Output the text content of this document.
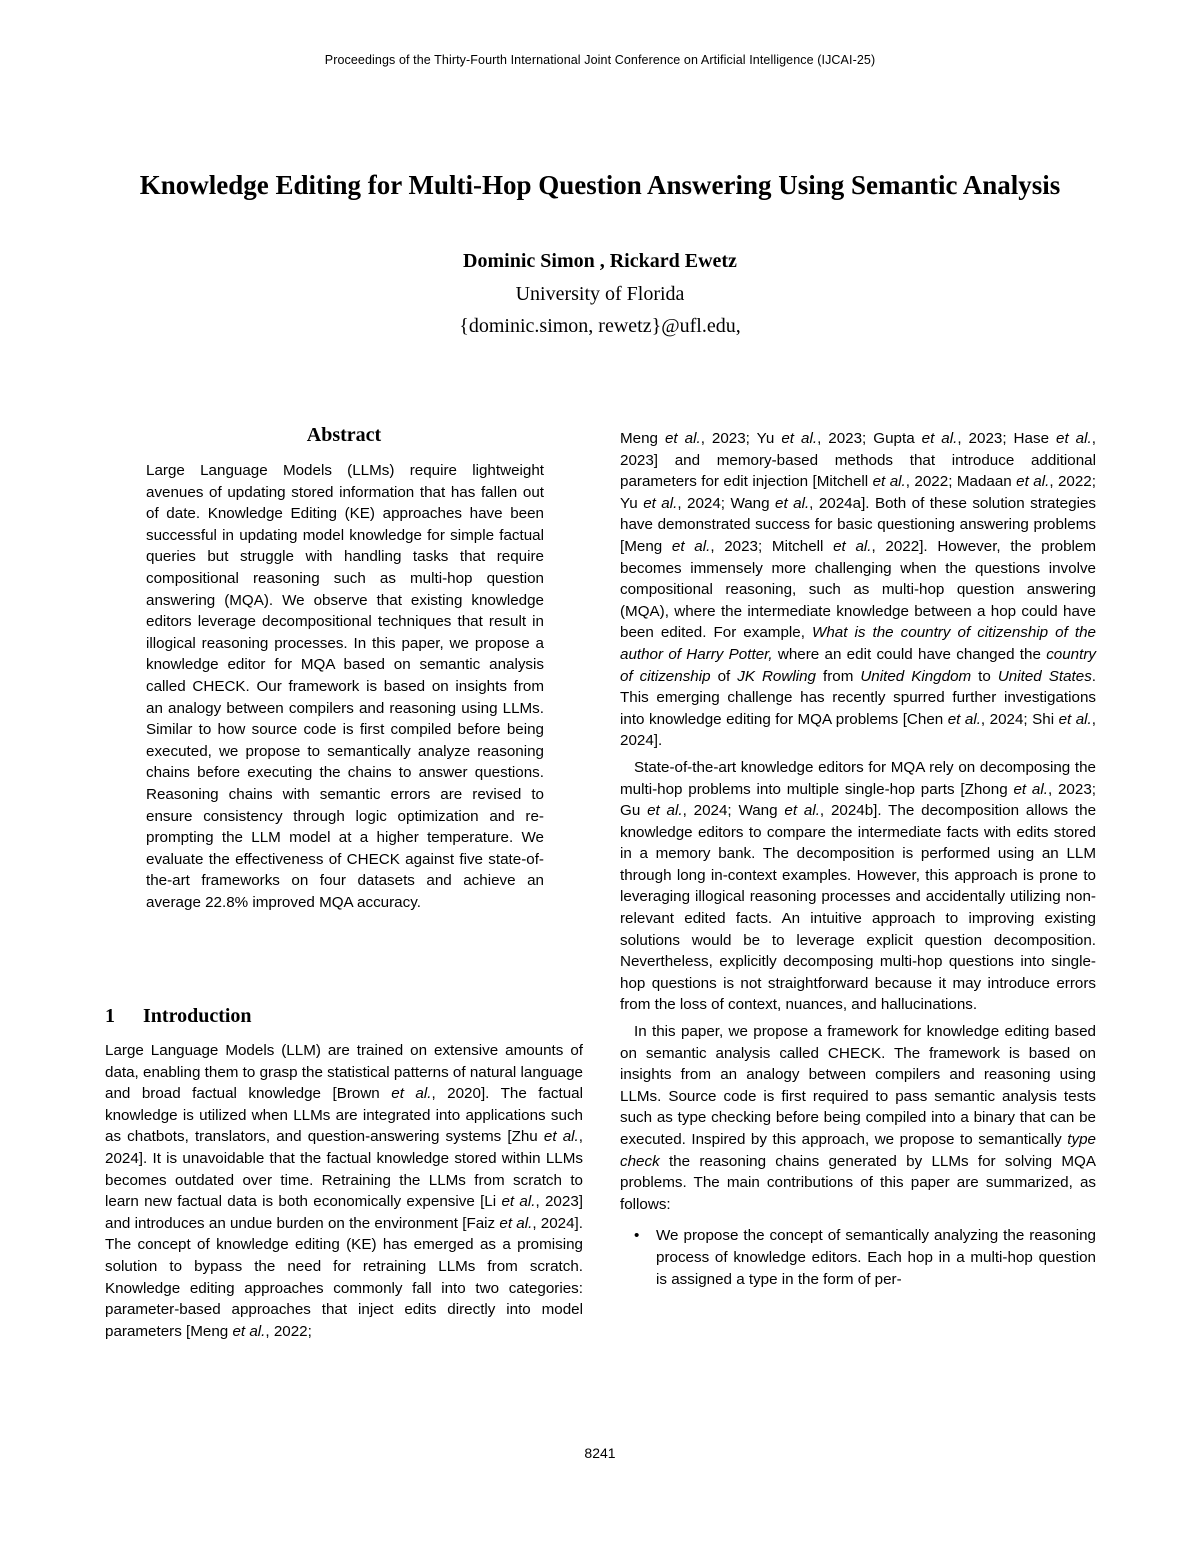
Proceedings of the Thirty-Fourth International Joint Conference on Artificial Intelligence (IJCAI-25)
Knowledge Editing for Multi-Hop Question Answering Using Semantic Analysis
Dominic Simon , Rickard Ewetz
University of Florida
{dominic.simon, rewetz}@ufl.edu,
Abstract

Large Language Models (LLMs) require lightweight avenues of updating stored information that has fallen out of date. Knowledge Editing (KE) approaches have been successful in updating model knowledge for simple factual queries but struggle with handling tasks that require compositional reasoning such as multi-hop question answering (MQA). We observe that existing knowledge editors leverage decompositional techniques that result in illogical reasoning processes. In this paper, we propose a knowledge editor for MQA based on semantic analysis called CHECK. Our framework is based on insights from an analogy between compilers and reasoning using LLMs. Similar to how source code is first compiled before being executed, we propose to semantically analyze reasoning chains before executing the chains to answer questions. Reasoning chains with semantic errors are revised to ensure consistency through logic optimization and re-prompting the LLM model at a higher temperature. We evaluate the effectiveness of CHECK against five state-of-the-art frameworks on four datasets and achieve an average 22.8% improved MQA accuracy.

1 Introduction

Large Language Models (LLM) are trained on extensive amounts of data, enabling them to grasp the statistical patterns of natural language and broad factual knowledge [Brown et al., 2020]. The factual knowledge is utilized when LLMs are integrated into applications such as chatbots, translators, and question-answering systems [Zhu et al., 2024]. It is unavoidable that the factual knowledge stored within LLMs becomes outdated over time. Retraining the LLMs from scratch to learn new factual data is both economically expensive [Li et al., 2023] and introduces an undue burden on the environment [Faiz et al., 2024]. The concept of knowledge editing (KE) has emerged as a promising solution to bypass the need for retraining LLMs from scratch. Knowledge editing approaches commonly fall into two categories: parameter-based approaches that inject edits directly into model parameters [Meng et al., 2022;

Meng et al., 2023; Yu et al., 2023; Gupta et al., 2023; Hase et al., 2023] and memory-based methods that introduce additional parameters for edit injection [Mitchell et al., 2022; Madaan et al., 2022; Yu et al., 2024; Wang et al., 2024a]. Both of these solution strategies have demonstrated success for basic questioning answering problems [Meng et al., 2023; Mitchell et al., 2022]. However, the problem becomes immensely more challenging when the questions involve compositional reasoning, such as multi-hop question answering (MQA), where the intermediate knowledge between a hop could have been edited. For example, What is the country of citizenship of the author of Harry Potter, where an edit could have changed the country of citizenship of JK Rowling from United Kingdom to United States. This emerging challenge has recently spurred further investigations into knowledge editing for MQA problems [Chen et al., 2024; Shi et al., 2024].

State-of-the-art knowledge editors for MQA rely on decomposing the multi-hop problems into multiple single-hop parts [Zhong et al., 2023; Gu et al., 2024; Wang et al., 2024b]. The decomposition allows the knowledge editors to compare the intermediate facts with edits stored in a memory bank. The decomposition is performed using an LLM through long in-context examples. However, this approach is prone to leveraging illogical reasoning processes and accidentally utilizing non-relevant edited facts. An intuitive approach to improving existing solutions would be to leverage explicit question decomposition. Nevertheless, explicitly decomposing multi-hop questions into single-hop questions is not straightforward because it may introduce errors from the loss of context, nuances, and hallucinations.

In this paper, we propose a framework for knowledge editing based on semantic analysis called CHECK. The framework is based on insights from an analogy between compilers and reasoning using LLMs. Source code is first required to pass semantic analysis tests such as type checking before being compiled into a binary that can be executed. Inspired by this approach, we propose to semantically type check the reasoning chains generated by LLMs for solving MQA problems. The main contributions of this paper are summarized, as follows:

• We propose the concept of semantically analyzing the reasoning process of knowledge editors. Each hop in a multi-hop question is assigned a type in the form of per-
8241
